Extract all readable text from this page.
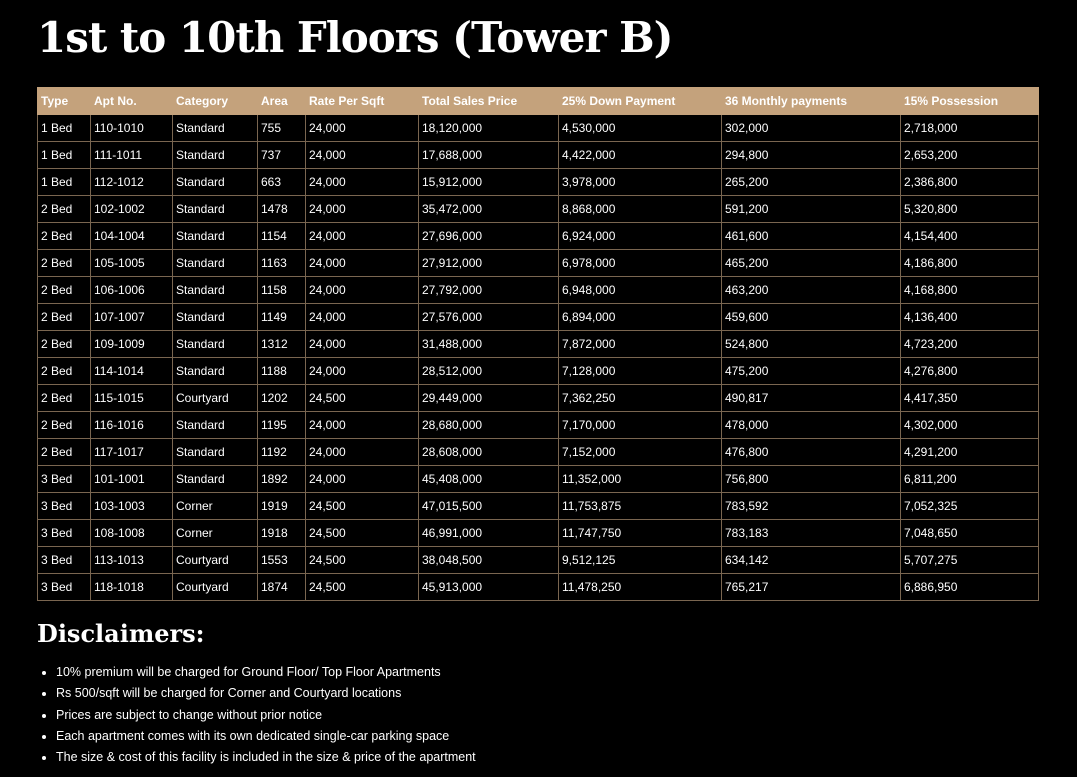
1st to 10th Floors (Tower B)
Type	Apt No.	Category	Area	Rate Per Sqft	Total Sales Price	25% Down Payment	36 Monthly payments	15% Possession
1 Bed	110-1010	Standard	755	24,000	18,120,000	4,530,000	302,000	2,718,000
1 Bed	111-1011	Standard	737	24,000	17,688,000	4,422,000	294,800	2,653,200
1 Bed	112-1012	Standard	663	24,000	15,912,000	3,978,000	265,200	2,386,800
2 Bed	102-1002	Standard	1478	24,000	35,472,000	8,868,000	591,200	5,320,800
2 Bed	104-1004	Standard	1154	24,000	27,696,000	6,924,000	461,600	4,154,400
2 Bed	105-1005	Standard	1163	24,000	27,912,000	6,978,000	465,200	4,186,800
2 Bed	106-1006	Standard	1158	24,000	27,792,000	6,948,000	463,200	4,168,800
2 Bed	107-1007	Standard	1149	24,000	27,576,000	6,894,000	459,600	4,136,400
2 Bed	109-1009	Standard	1312	24,000	31,488,000	7,872,000	524,800	4,723,200
2 Bed	114-1014	Standard	1188	24,000	28,512,000	7,128,000	475,200	4,276,800
2 Bed	115-1015	Courtyard	1202	24,500	29,449,000	7,362,250	490,817	4,417,350
2 Bed	116-1016	Standard	1195	24,000	28,680,000	7,170,000	478,000	4,302,000
2 Bed	117-1017	Standard	1192	24,000	28,608,000	7,152,000	476,800	4,291,200
3 Bed	101-1001	Standard	1892	24,000	45,408,000	11,352,000	756,800	6,811,200
3 Bed	103-1003	Corner	1919	24,500	47,015,500	11,753,875	783,592	7,052,325
3 Bed	108-1008	Corner	1918	24,500	46,991,000	11,747,750	783,183	7,048,650
3 Bed	113-1013	Courtyard	1553	24,500	38,048,500	9,512,125	634,142	5,707,275
3 Bed	118-1018	Courtyard	1874	24,500	45,913,000	11,478,250	765,217	6,886,950
Disclaimers:
• 10% premium will be charged for Ground Floor/ Top Floor Apartments
• Rs 500/sqft will be charged for Corner and Courtyard locations
• Prices are subject to change without prior notice
• Each apartment comes with its own dedicated single-car parking space
• The size & cost of this facility is included in the size & price of the apartment
